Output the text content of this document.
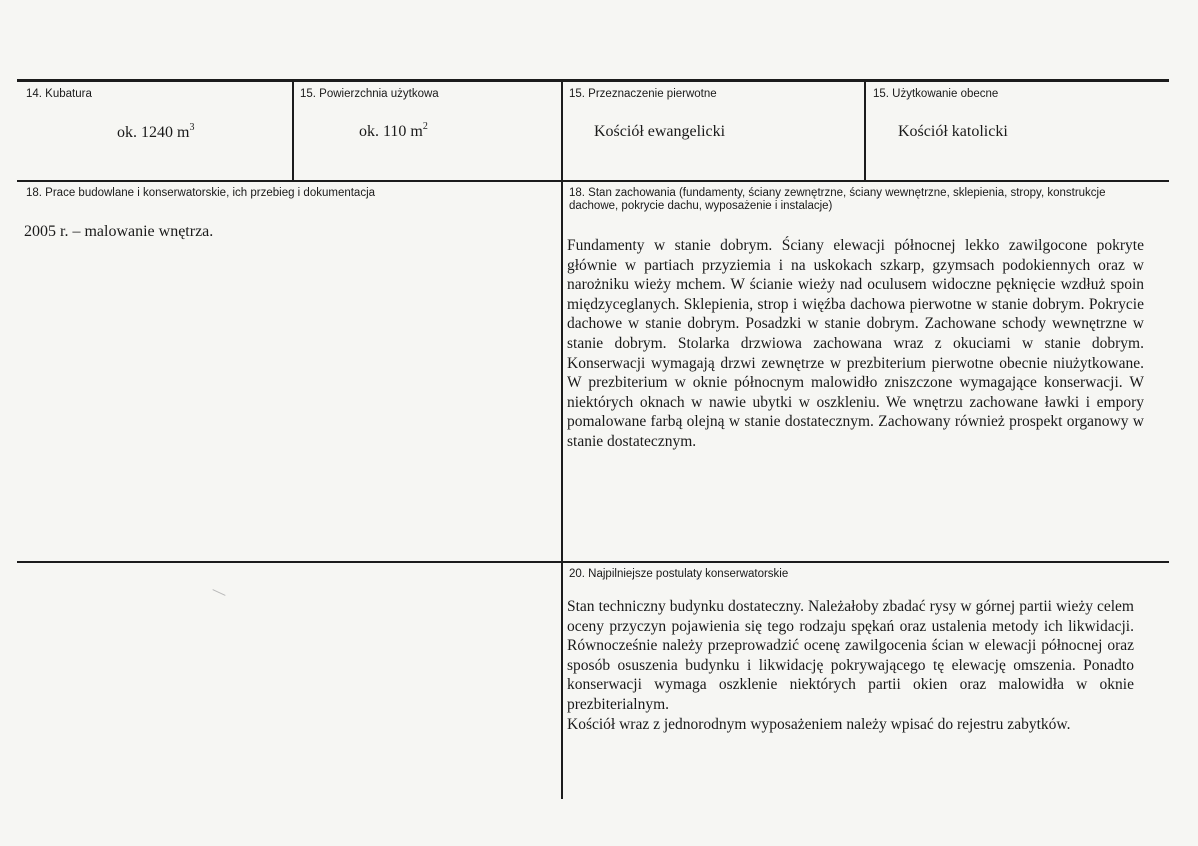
14. Kubatura
ok. 1240 $m^3$
15. Powierzchnia użytkowa
ok. 110 $m^2$
15. Przeznaczenie pierwotne
Kościół ewangelicki
15. Użytkowanie obecne
Kościół katolicki
18. Prace budowlane i konserwatorskie, ich przebieg i dokumentacja
2005 r. – malowanie wnętrza.
18. Stan zachowania (fundamenty, ściany zewnętrzne, ściany wewnętrzne, sklepienia, stropy, konstrukcje dachowe, pokrycie dachu, wyposażenie i instalacje)

Fundamenty w stanie dobrym. Ściany elewacji północnej lekko zawilgocone pokryte głównie w partiach przyziemia i na uskokach szkarp, gzymsach podokiennych oraz w narożniku wieży mchem. W ścianie wieży nad oculusem widoczne pęknięcie wzdłuż spoin międzyceglanych. Sklepienia, strop i więźba dachowa pierwotne w stanie dobrym. Pokrycie dachowe w stanie dobrym. Posadzki w stanie dobrym. Zachowane schody wewnętrzne w stanie dobrym. Stolarka drzwiowa zachowana wraz z okuciami w stanie dobrym. Konserwacji wymagają drzwi zewnętrze w prezbiterium pierwotne obecnie niużytkowane. W prezbiterium w oknie północnym malowidło zniszczone wymagające konserwacji. W niektórych oknach w nawie ubytki w oszkleniu. We wnętrzu zachowane ławki i empory pomalowane farbą olejną w stanie dostatecznym. Zachowany również prospekt organowy w stanie dostatecznym.

20. Najpilniejsze postulaty konserwatorskie

Stan techniczny budynku dostateczny. Należałoby zbadać rysy w górnej partii wieży celem oceny przyczyn pojawienia się tego rodzaju spękań oraz ustalenia metody ich likwidacji. Równocześnie należy przeprowadzić ocenę zawilgocenia ścian w elewacji północnej oraz sposób osuszenia budynku i likwidację pokrywającego tę elewację omszenia. Ponadto konserwacji wymaga oszklenie niektórych partii okien oraz malowidła w oknie prezbiterialnym.

Kościół wraz z jednorodnym wyposażeniem należy wpisać do rejestru zabytków.
